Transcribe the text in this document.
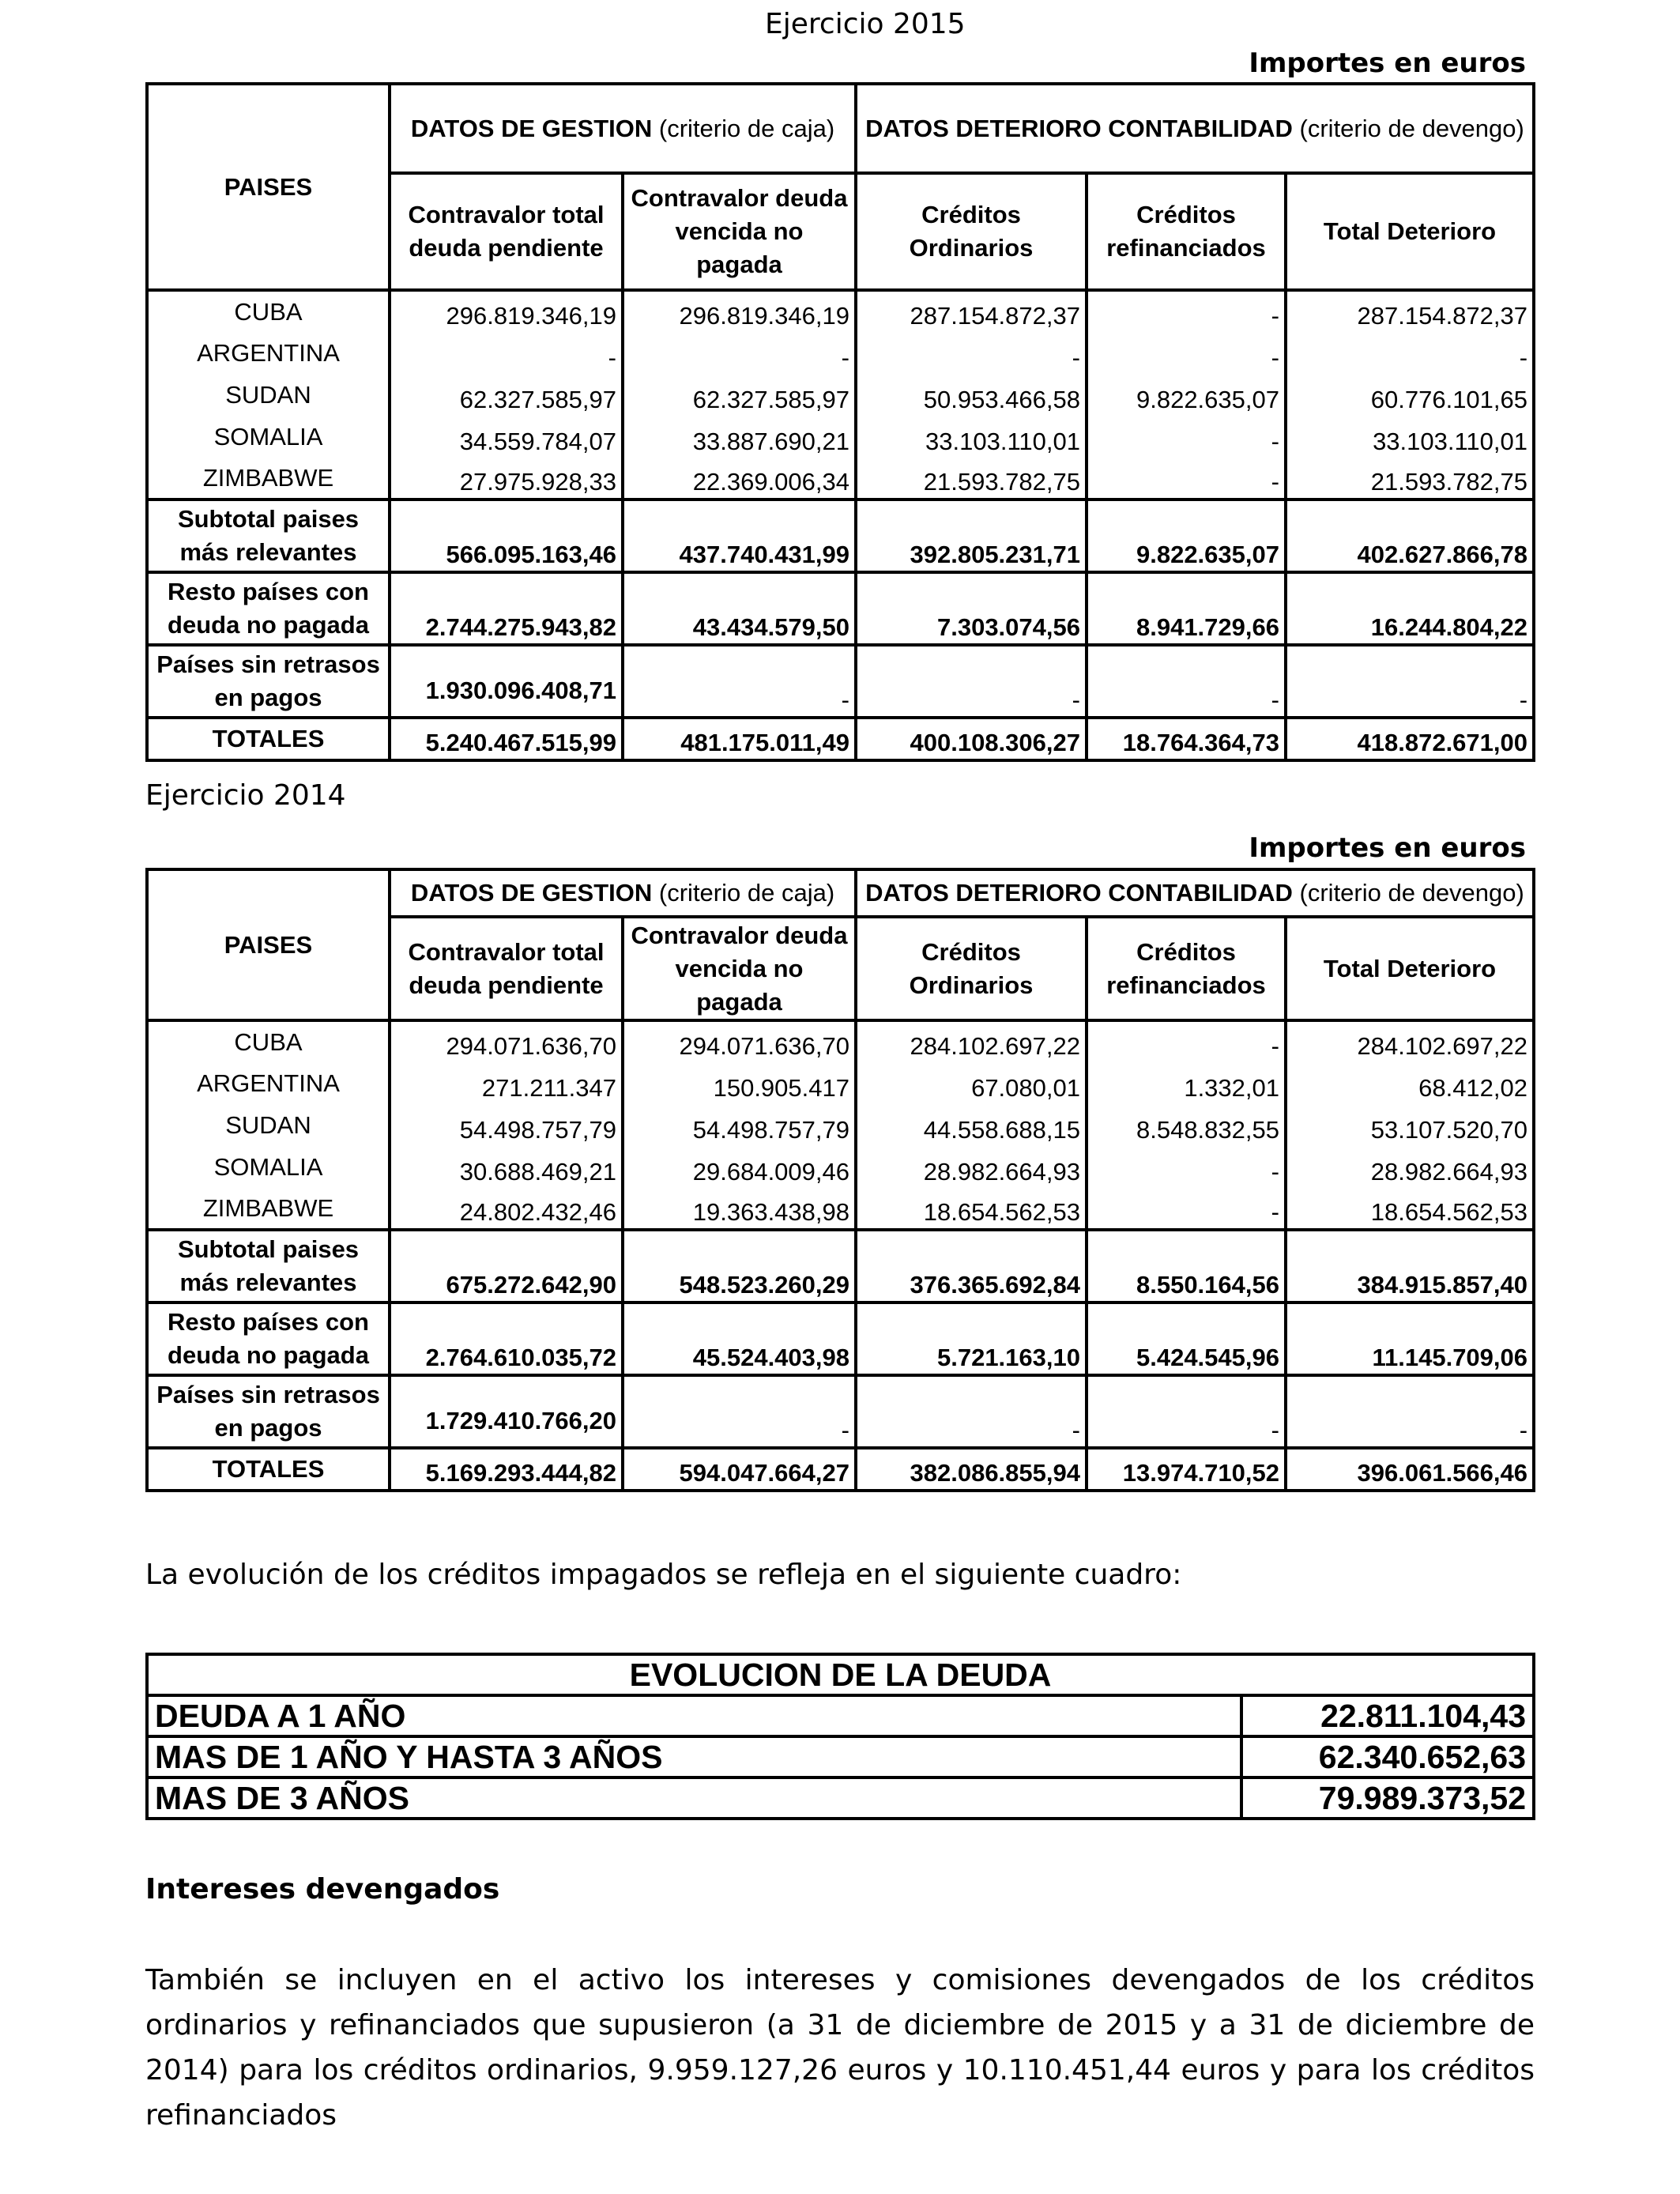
Ejercicio 2015
Importes en euros
PAISES	DATOS DE GESTION (criterio de caja)		DATOS DETERIORO CONTABILIDAD (criterio de devengo)		
	Contravalor total deuda pendiente	Contravalor deuda vencida no pagada	Créditos Ordinarios	Créditos refinanciados	Total Deterioro
CUBA	296.819.346,19	296.819.346,19	287.154.872,37	-	287.154.872,37
ARGENTINA	-	-	-	-	-
SUDAN	62.327.585,97	62.327.585,97	50.953.466,58	9.822.635,07	60.776.101,65
SOMALIA	34.559.784,07	33.887.690,21	33.103.110,01	-	33.103.110,01
ZIMBABWE	27.975.928,33	22.369.006,34	21.593.782,75	-	21.593.782,75
Subtotal paises más relevantes	566.095.163,46	437.740.431,99	392.805.231,71	9.822.635,07	402.627.866,78
Resto países con deuda no pagada	2.744.275.943,82	43.434.579,50	7.303.074,56	8.941.729,66	16.244.804,22
Países sin retrasos en pagos	1.930.096.408,71	-	-	-	-
TOTALES	5.240.467.515,99	481.175.011,49	400.108.306,27	18.764.364,73	418.872.671,00
Ejercicio 2014
Importes en euros
PAISES	DATOS DE GESTION (criterio de caja)		DATOS DETERIORO CONTABILIDAD (criterio de devengo)		
	Contravalor total deuda pendiente	Contravalor deuda vencida no pagada	Créditos Ordinarios	Créditos refinanciados	Total Deterioro
CUBA	294.071.636,70	294.071.636,70	284.102.697,22	-	284.102.697,22
ARGENTINA	271.211.347	150.905.417	67.080,01	1.332,01	68.412,02
SUDAN	54.498.757,79	54.498.757,79	44.558.688,15	8.548.832,55	53.107.520,70
SOMALIA	30.688.469,21	29.684.009,46	28.982.664,93	-	28.982.664,93
ZIMBABWE	24.802.432,46	19.363.438,98	18.654.562,53	-	18.654.562,53
Subtotal paises más relevantes	675.272.642,90	548.523.260,29	376.365.692,84	8.550.164,56	384.915.857,40
Resto países con deuda no pagada	2.764.610.035,72	45.524.403,98	5.721.163,10	5.424.545,96	11.145.709,06
Países sin retrasos en pagos	1.729.410.766,20	-	-	-	-
TOTALES	5.169.293.444,82	594.047.664,27	382.086.855,94	13.974.710,52	396.061.566,46
La evolución de los créditos impagados se refleja en el siguiente cuadro:
EVOLUCION DE LA DEUDA	
DEUDA A 1 AÑO	22.811.104,43
MAS DE 1 AÑO Y HASTA 3 AÑOS	62.340.652,63
MAS DE 3 AÑOS	79.989.373,52
Intereses devengados
También se incluyen en el activo los intereses y comisiones devengados de los créditos ordinarios y refinanciados que supusieron (a 31 de diciembre de 2015 y a 31 de diciembre de 2014) para los créditos ordinarios, 9.959.127,26 euros y 10.110.451,44 euros y para los créditos refinanciados
